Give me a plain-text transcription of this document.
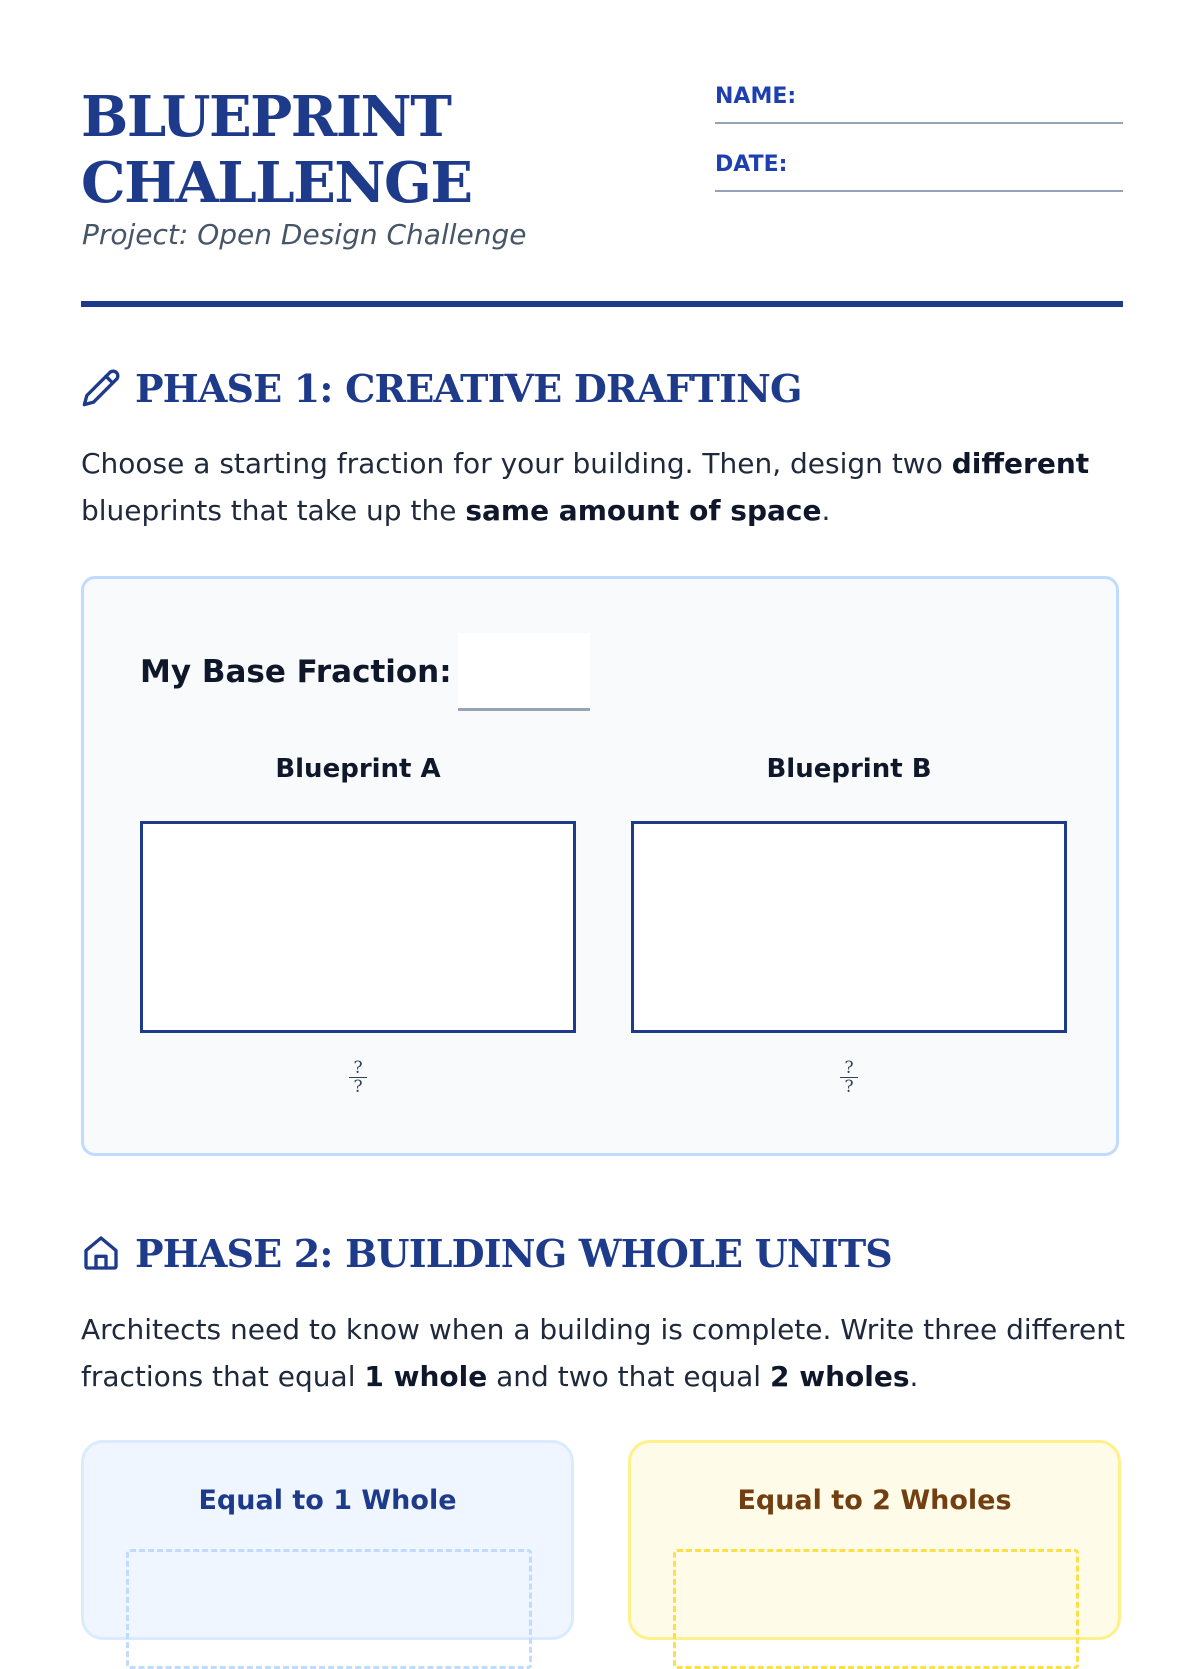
BLUEPRINT
CHALLENGE
Project: Open Design Challenge
NAME:
DATE:
PHASE 1: CREATIVE DRAFTING

Choose a starting fraction for your building. Then, design two different blueprints that take up the same amount of space.

My Base Fraction:
Blueprint A	Blueprint B
?
?
?
?
PHASE 2: BUILDING WHOLE UNITS

Architects need to know when a building is complete. Write three different fractions that equal 1 whole and two that equal 2 wholes.

Equal to 1 Whole	Equal to 2 Wholes
